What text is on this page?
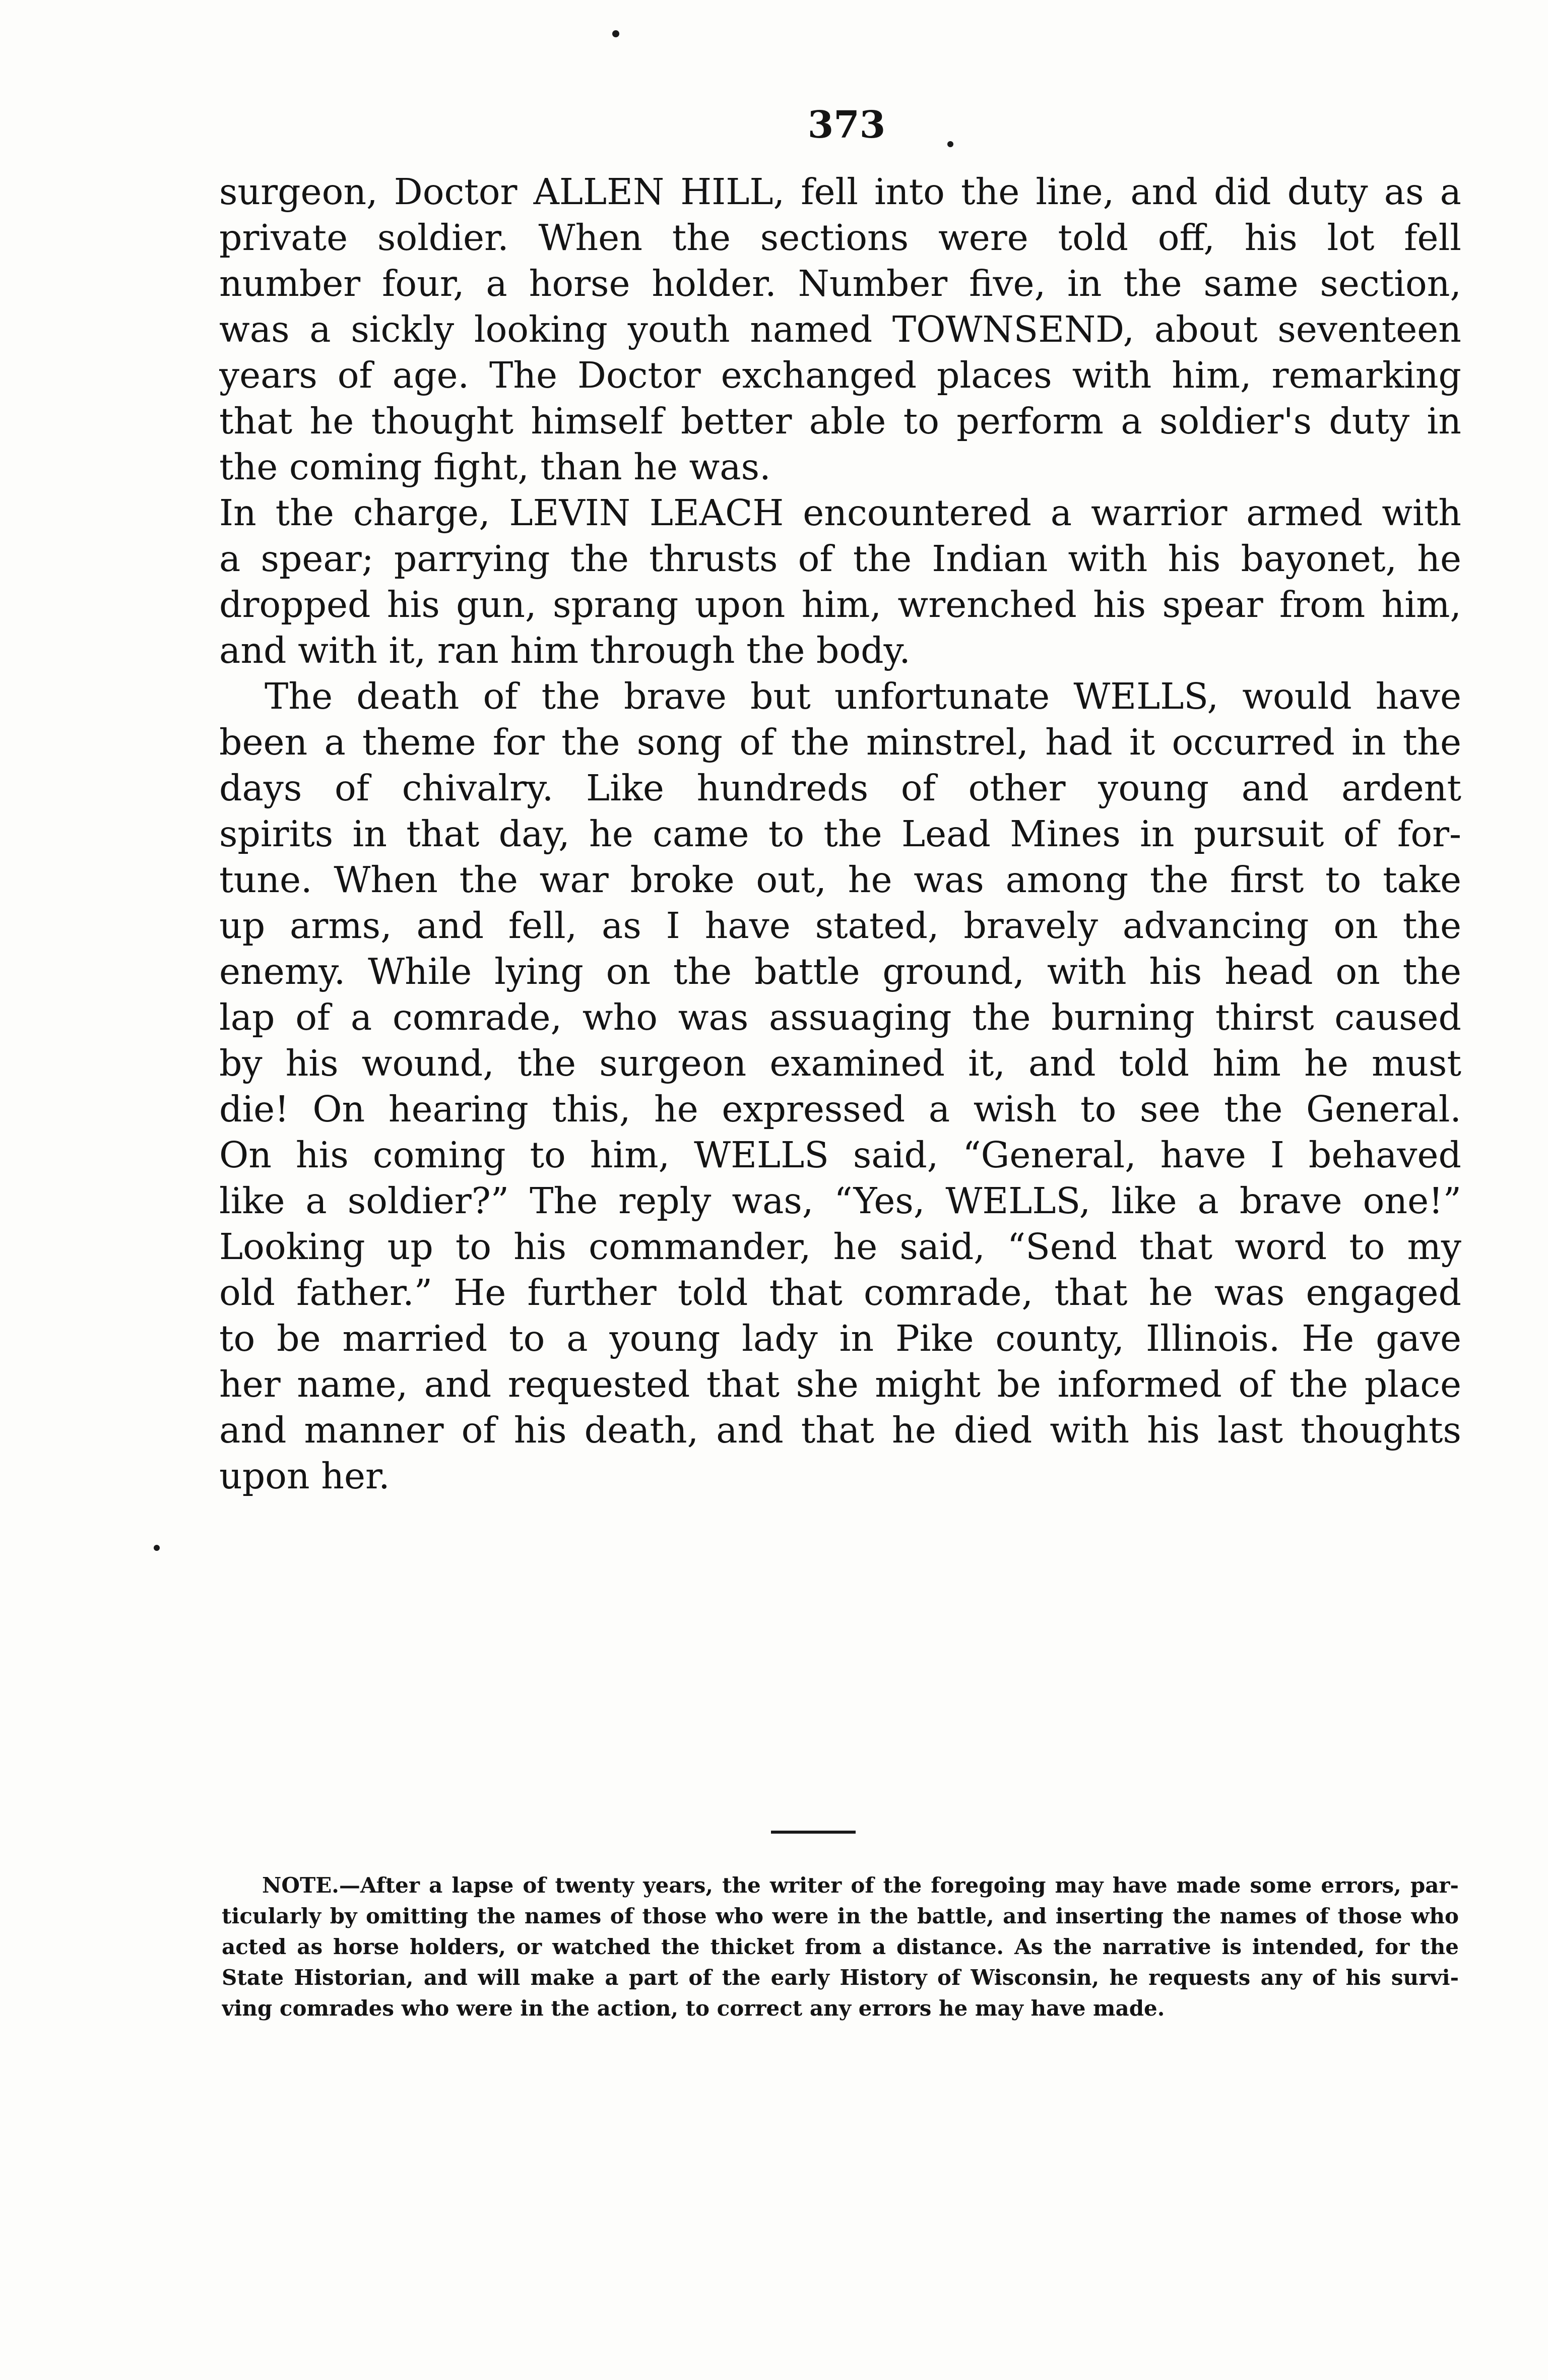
373
surgeon, Doctor ALLEN HILL, fell into the line, and did duty as a
private soldier. When the sections were told off, his lot fell
number four, a horse holder. Number five, in the same section,
was a sickly looking youth named TOWNSEND, about seventeen
years of age. The Doctor exchanged places with him, remarking
that he thought himself better able to perform a soldier's duty in
the coming fight, than he was.
In the charge, LEVIN LEACH encountered a warrior armed with
a spear; parrying the thrusts of the Indian with his bayonet, he
dropped his gun, sprang upon him, wrenched his spear from him,
and with it, ran him through the body.
The death of the brave but unfortunate WELLS, would have
been a theme for the song of the minstrel, had it occurred in the
days of chivalry. Like hundreds of other young and ardent
spirits in that day, he came to the Lead Mines in pursuit of for-
tune. When the war broke out, he was among the first to take
up arms, and fell, as I have stated, bravely advancing on the
enemy. While lying on the battle ground, with his head on the
lap of a comrade, who was assuaging the burning thirst caused
by his wound, the surgeon examined it, and told him he must
die! On hearing this, he expressed a wish to see the General.
On his coming to him, WELLS said, “General, have I behaved
like a soldier?” The reply was, “Yes, WELLS, like a brave one!”
Looking up to his commander, he said, “Send that word to my
old father.” He further told that comrade, that he was engaged
to be married to a young lady in Pike county, Illinois. He gave
her name, and requested that she might be informed of the place
and manner of his death, and that he died with his last thoughts
upon her.
NOTE.—After a lapse of twenty years, the writer of the foregoing may have made some errors, par-
ticularly by omitting the names of those who were in the battle, and inserting the names of those who
acted as horse holders, or watched the thicket from a distance. As the narrative is intended, for the
State Historian, and will make a part of the early History of Wisconsin, he requests any of his survi-
ving comrades who were in the action, to correct any errors he may have made.
